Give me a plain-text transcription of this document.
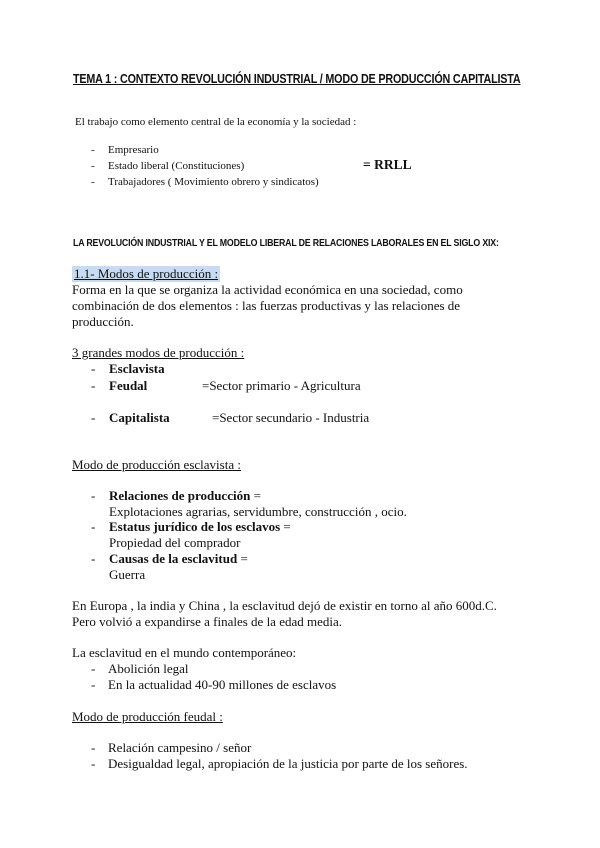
TEMA 1 : CONTEXTO REVOLUCIÓN INDUSTRIAL / MODO DE PRODUCCIÓN CAPITALISTA
El trabajo como elemento central de la economía y la sociedad :
- Empresario
- Estado liberal (Constituciones)	= RRLL
- Trabajadores ( Movimiento obrero y sindicatos)
LA REVOLUCIÓN INDUSTRIAL Y EL MODELO LIBERAL DE RELACIONES LABORALES EN EL SIGLO XIX:
1.1- Modos de producción :
Forma en la que se organiza la actividad económica en una sociedad, como
combinación de dos elementos : las fuerzas productivas y las relaciones de
producción.
3 grandes modos de producción :
- Esclavista
- Feudal	=Sector primario - Agricultura
- Capitalista	=Sector secundario - Industria
Modo de producción esclavista :
- Relaciones de producción =
Explotaciones agrarias, servidumbre, construcción , ocio.
- Estatus jurídico de los esclavos =
Propiedad del comprador
- Causas de la esclavitud =
Guerra
En Europa , la india y China , la esclavitud dejó de existir en torno al año 600d.C.
Pero volvió a expandirse a finales de la edad media.
La esclavitud en el mundo contemporáneo:
- Abolición legal
- En la actualidad 40-90 millones de esclavos
Modo de producción feudal :
- Relación campesino / señor
- Desigualdad legal, apropiación de la justicia por parte de los señores.
